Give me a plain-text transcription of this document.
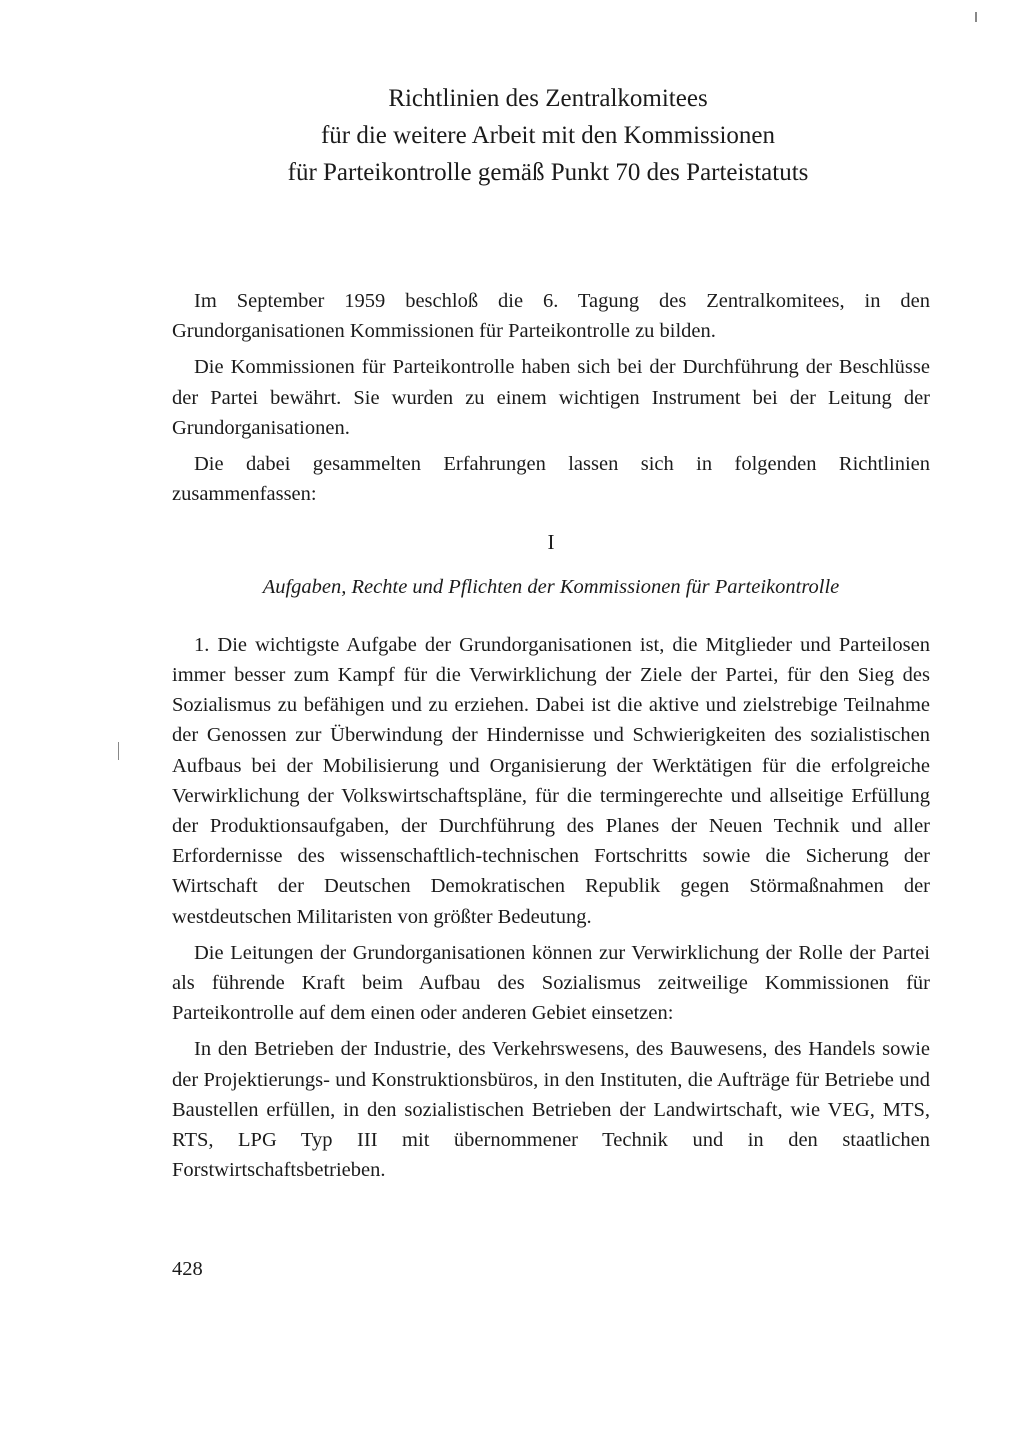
Richtlinien des Zentralkomitees
für die weitere Arbeit mit den Kommissionen
für Parteikontrolle gemäß Punkt 70 des Parteistatuts

Im September 1959 beschloß die 6. Tagung des Zentralkomitees, in den Grundorganisationen Kommissionen für Parteikontrolle zu bilden.

Die Kommissionen für Parteikontrolle haben sich bei der Durchführung der Beschlüsse der Partei bewährt. Sie wurden zu einem wichtigen Instrument bei der Leitung der Grundorganisationen.

Die dabei gesammelten Erfahrungen lassen sich in folgenden Richtlinien zusammenfassen:

I
Aufgaben, Rechte und Pflichten der Kommissionen für Parteikontrolle

1. Die wichtigste Aufgabe der Grundorganisationen ist, die Mitglieder und Parteilosen immer besser zum Kampf für die Verwirklichung der Ziele der Partei, für den Sieg des Sozialismus zu befähigen und zu erziehen. Dabei ist die aktive und zielstrebige Teilnahme der Genossen zur Überwindung der Hindernisse und Schwierigkeiten des sozialistischen Aufbaus bei der Mobilisierung und Organisierung der Werktätigen für die erfolgreiche Verwirklichung der Volkswirtschaftspläne, für die termingerechte und allseitige Erfüllung der Produktionsaufgaben, der Durchführung des Planes der Neuen Technik und aller Erfordernisse des wissenschaftlich-technischen Fortschritts sowie die Sicherung der Wirtschaft der Deutschen Demokratischen Republik gegen Störmaßnahmen der westdeutschen Militaristen von größter Bedeutung.

Die Leitungen der Grundorganisationen können zur Verwirklichung der Rolle der Partei als führende Kraft beim Aufbau des Sozialismus zeitweilige Kommissionen für Parteikontrolle auf dem einen oder anderen Gebiet einsetzen:

In den Betrieben der Industrie, des Verkehrswesens, des Bauwesens, des Handels sowie der Projektierungs- und Konstruktionsbüros, in den Instituten, die Aufträge für Betriebe und Baustellen erfüllen, in den sozialistischen Betrieben der Landwirtschaft, wie VEG, MTS, RTS, LPG Typ III mit übernommener Technik und in den staatlichen Forstwirtschaftsbetrieben.

428
